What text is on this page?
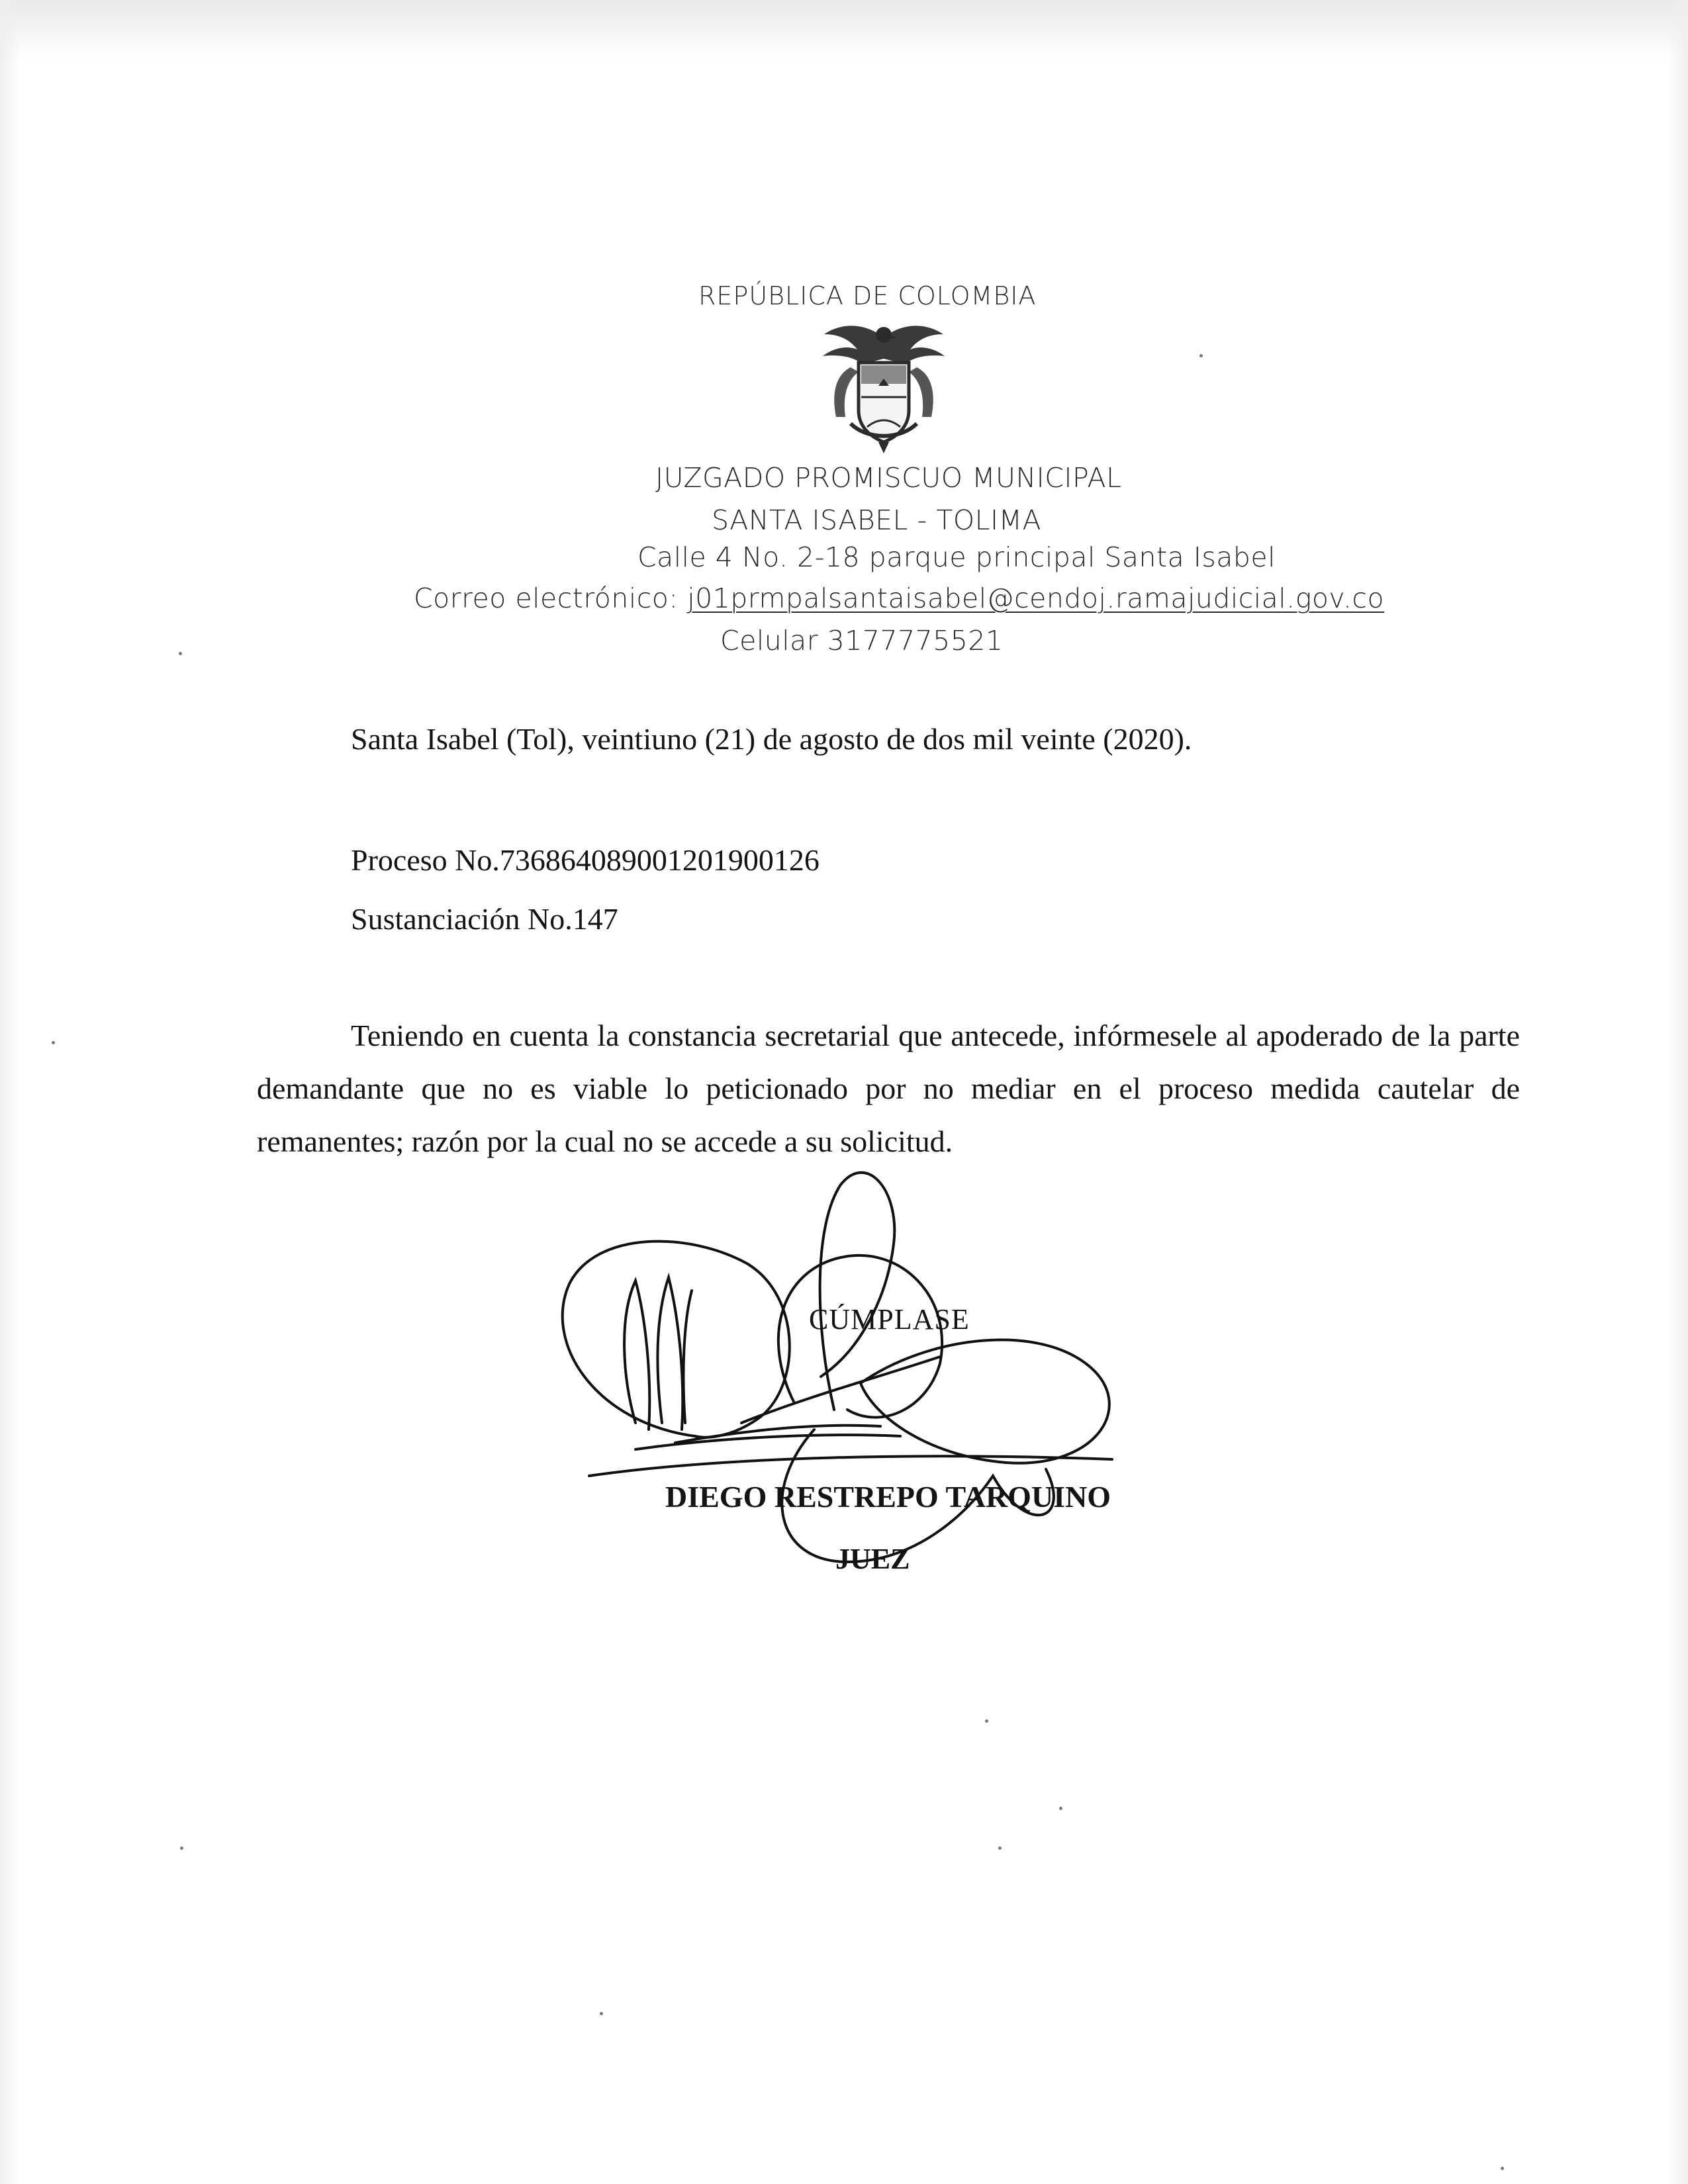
REPÚBLICA DE COLOMBIA
JUZGADO PROMISCUO MUNICIPAL
SANTA ISABEL - TOLIMA
Calle 4 No. 2-18 parque principal Santa Isabel
Correo electrónico: j01prmpalsantaisabel@cendoj.ramajudicial.gov.co
Celular 3177775521
Santa Isabel (Tol), veintiuno (21) de agosto de dos mil veinte (2020).
Proceso No.73686408900120190012​6
Sustanciación No.147
Teniendo en cuenta la constancia secretarial que antecede, infórmesele al apoderado de la parte demandante que no es viable lo peticionado por no mediar en el proceso medida cautelar de remanentes; razón por la cual no se accede a su solicitud.
CÚMPLASE
DIEGO RESTREPO TARQUINO
JUEZ
